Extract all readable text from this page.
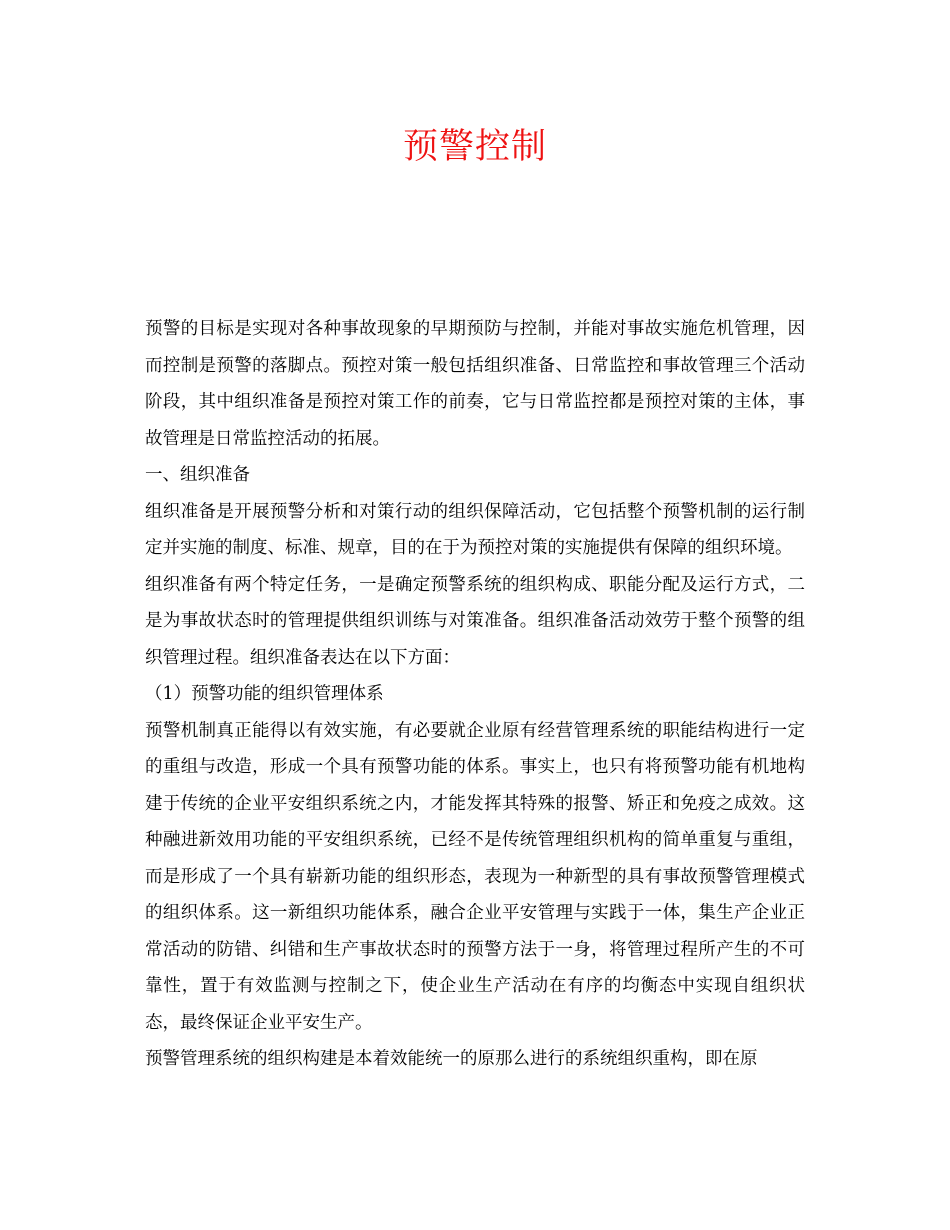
预警控制

预警的目标是实现对各种事故现象的早期预防与控制，并能对事故实施危机管理，因而控制是预警的落脚点。预控对策一般包括组织准备、日常监控和事故管理三个活动阶段，其中组织准备是预控对策工作的前奏，它与日常监控都是预控对策的主体，事故管理是日常监控活动的拓展。

一、组织准备

组织准备是开展预警分析和对策行动的组织保障活动，它包括整个预警机制的运行制定并实施的制度、标准、规章，目的在于为预控对策的实施提供有保障的组织环境。

组织准备有两个特定任务，一是确定预警系统的组织构成、职能分配及运行方式，二是为事故状态时的管理提供组织训练与对策准备。组织准备活动效劳于整个预警的组织管理过程。组织准备表达在以下方面：

（1）预警功能的组织管理体系

预警机制真正能得以有效实施，有必要就企业原有经营管理系统的职能结构进行一定的重组与改造，形成一个具有预警功能的体系。事实上，也只有将预警功能有机地构建于传统的企业平安组织系统之内，才能发挥其特殊的报警、矫正和免疫之成效。这种融进新效用功能的平安组织系统，已经不是传统管理组织机构的简单重复与重组，而是形成了一个具有崭新功能的组织形态，表现为一种新型的具有事故预警管理模式的组织体系。这一新组织功能体系，融合企业平安管理与实践于一体，集生产企业正常活动的防错、纠错和生产事故状态时的预警方法于一身，将管理过程所产生的不可靠性，置于有效监测与控制之下，使企业生产活动在有序的均衡态中实现自组织状态，最终保证企业平安生产。

预警管理系统的组织构建是本着效能统一的原那么进行的系统组织重构，即在原
